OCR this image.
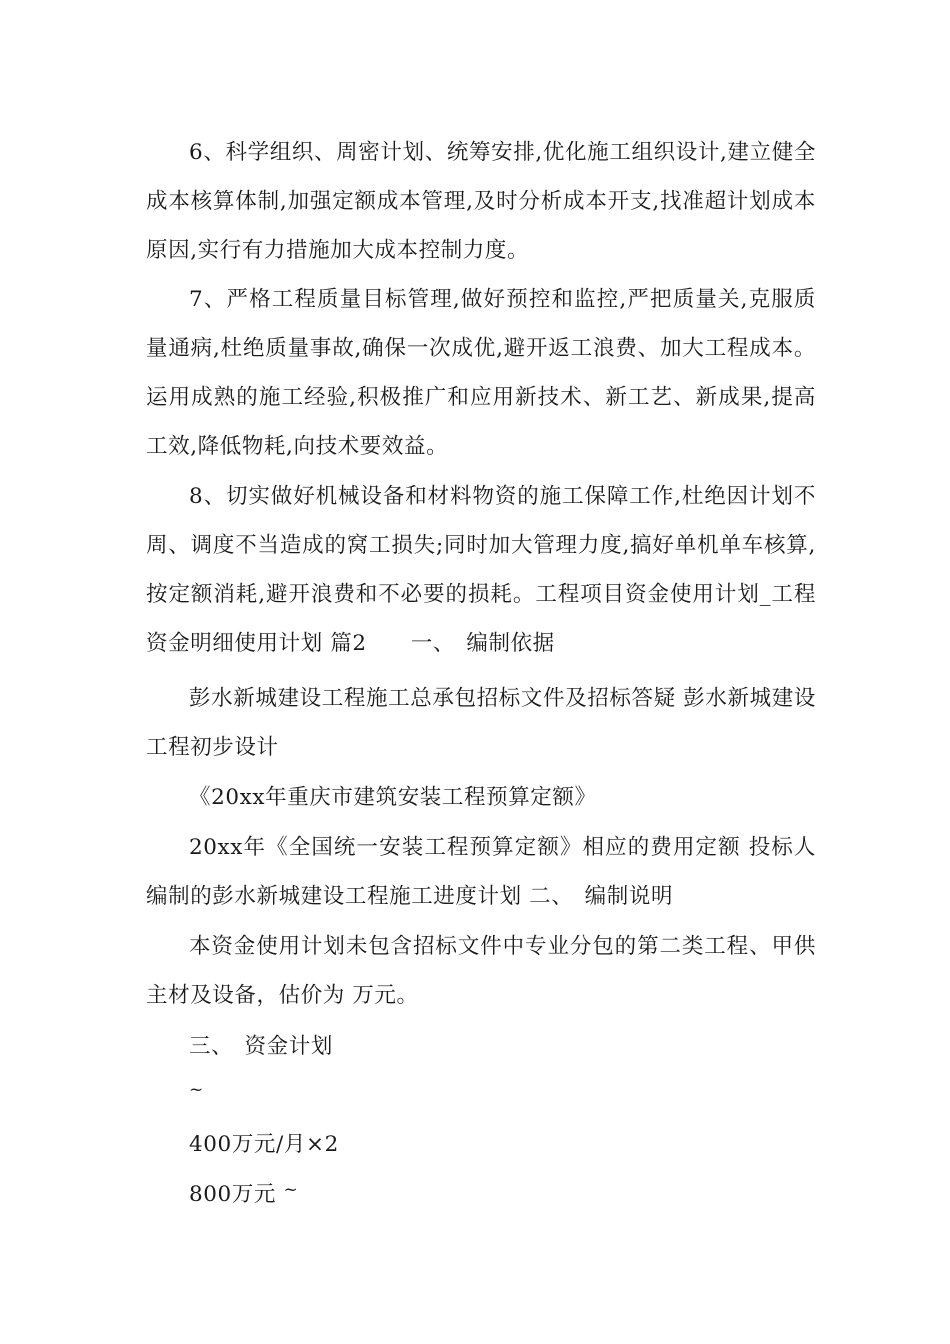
6、科学组织、周密计划、统筹安排,优化施工组织设计,建立健全成本核算体制,加强定额成本管理,及时分析成本开支,找准超计划成本原因,实行有力措施加大成本控制力度。

7、严格工程质量目标管理,做好预控和监控,严把质量关,克服质量通病,杜绝质量事故,确保一次成优,避开返工浪费、加大工程成本。运用成熟的施工经验,积极推广和应用新技术、新工艺、新成果,提高工效,降低物耗,向技术要效益。

8、切实做好机械设备和材料物资的施工保障工作,杜绝因计划不周、调度不当造成的窝工损失;同时加大管理力度,搞好单机单车核算,按定额消耗,避开浪费和不必要的损耗。工程项目资金使用计划_工程资金明细使用计划 篇2　　一、　编制依据

彭水新城建设工程施工总承包招标文件及招标答疑 彭水新城建设工程初步设计

《20xx年重庆市建筑安装工程预算定额》

20xx年《全国统一安装工程预算定额》相应的费用定额 投标人编制的彭水新城建设工程施工进度计划 二、　编制说明

本资金使用计划未包含招标文件中专业分包的第二类工程、甲供主材及设备，估价为 万元。

三、　资金计划

~

400万元/月×2

800万元 ~
